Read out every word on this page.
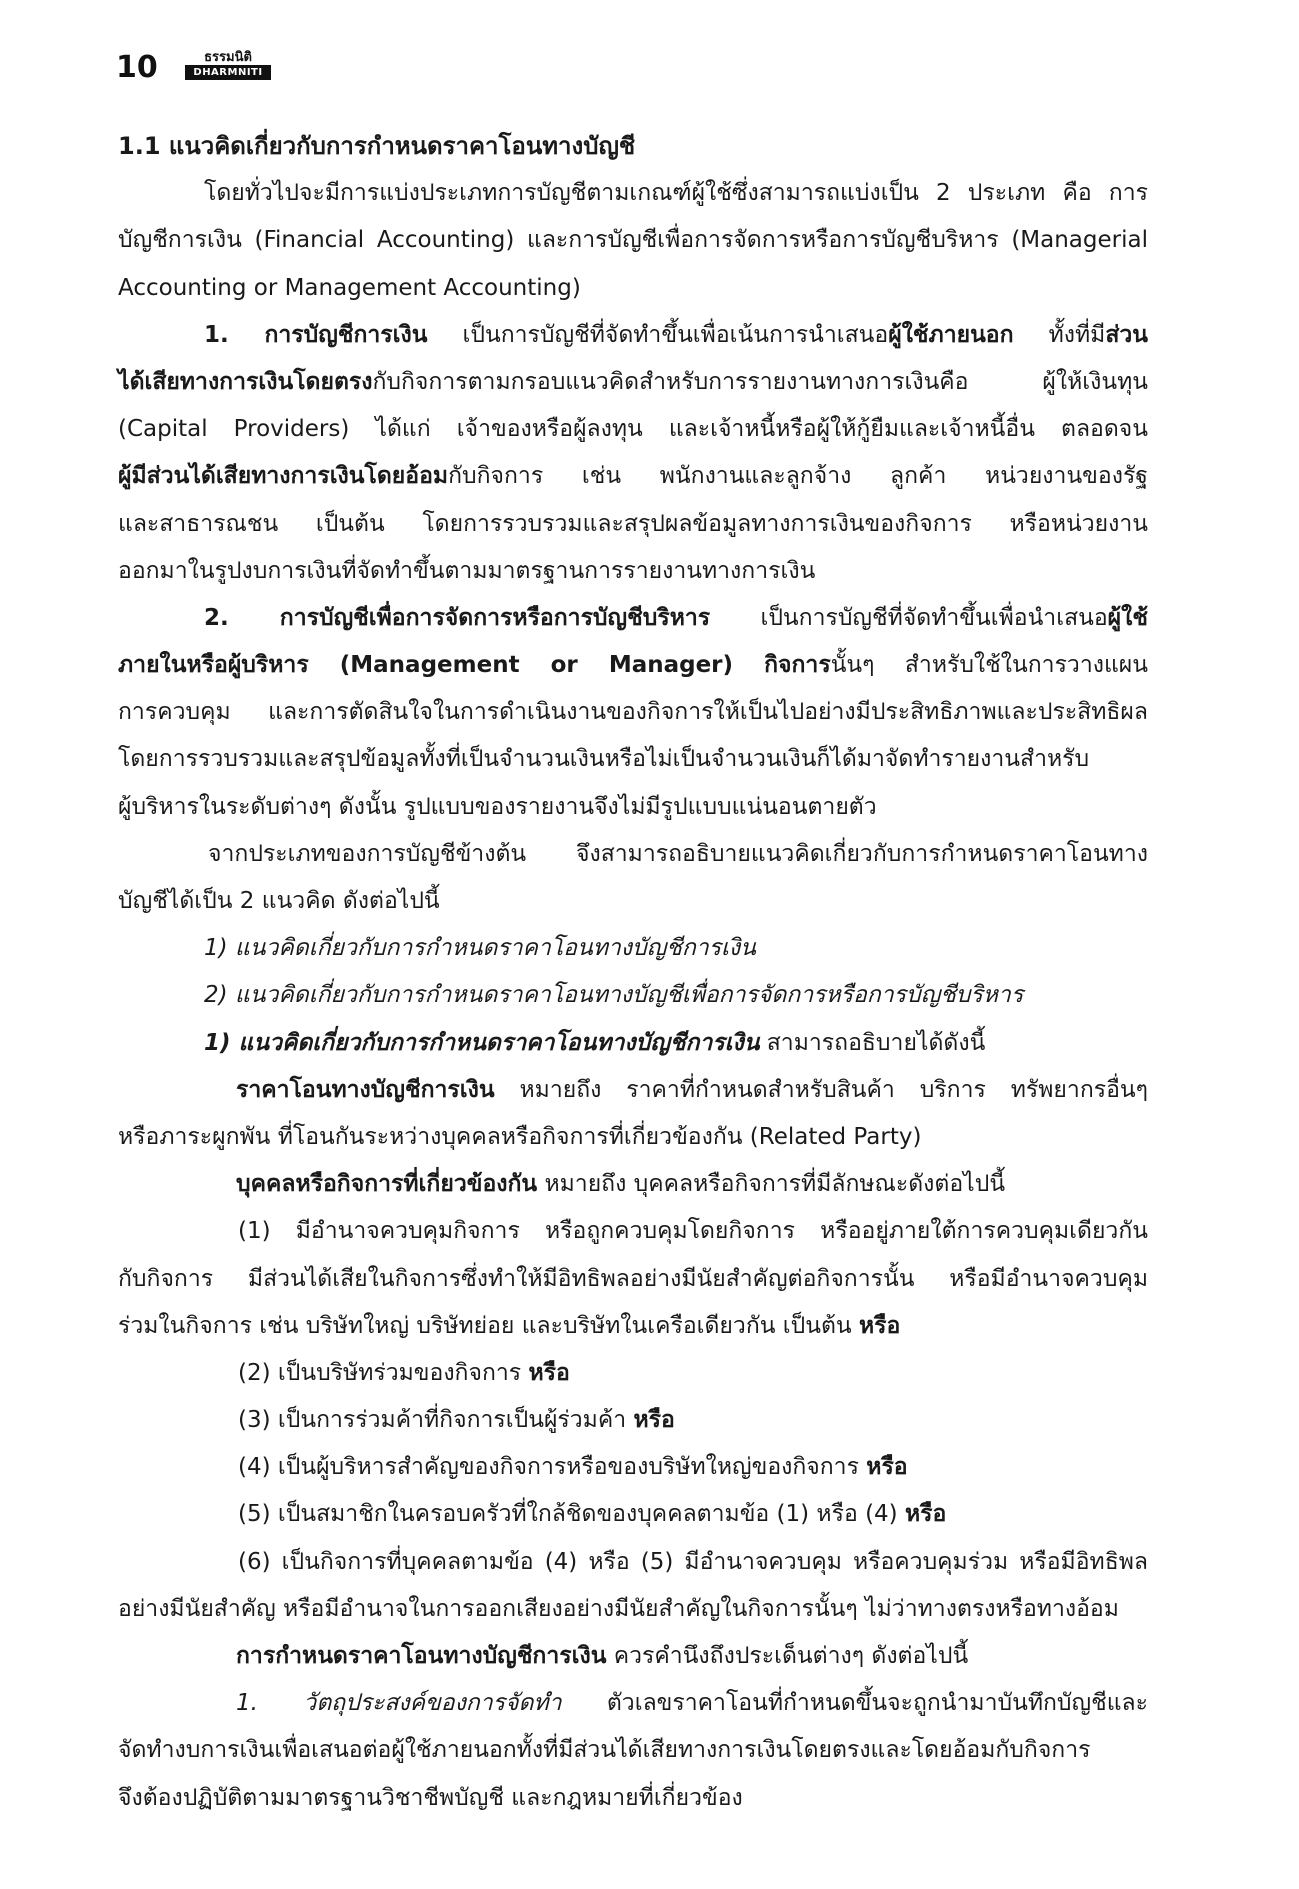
10	ธรรมนิติ
DHARMNITI
1.1 แนวคิดเกี่ยวกับการกำหนดราคาโอนทางบัญชี
โดยทั่วไปจะมีการแบ่งประเภทการบัญชีตามเกณฑ์ผู้ใช้ซึ่งสามารถแบ่งเป็น 2 ประเภท คือ การ
บัญชีการเงิน (Financial Accounting) และการบัญชีเพื่อการจัดการหรือการบัญชีบริหาร (Managerial
Accounting or Management Accounting)
1. การบัญชีการเงิน เป็นการบัญชีที่จัดทำขึ้นเพื่อเน้นการนำเสนอผู้ใช้ภายนอก ทั้งที่มีส่วน
ได้เสียทางการเงินโดยตรงกับกิจการตามกรอบแนวคิดสำหรับการรายงานทางการเงินคือ ผู้ให้เงินทุน
(Capital Providers) ได้แก่ เจ้าของหรือผู้ลงทุน และเจ้าหนี้หรือผู้ให้กู้ยืมและเจ้าหนี้อื่น ตลอดจน
ผู้มีส่วนได้เสียทางการเงินโดยอ้อมกับกิจการ เช่น พนักงานและลูกจ้าง ลูกค้า หน่วยงานของรัฐ
และสาธารณชน เป็นต้น โดยการรวบรวมและสรุปผลข้อมูลทางการเงินของกิจการ หรือหน่วยงาน
ออกมาในรูปงบการเงินที่จัดทำขึ้นตามมาตรฐานการรายงานทางการเงิน
2. การบัญชีเพื่อการจัดการหรือการบัญชีบริหาร เป็นการบัญชีที่จัดทำขึ้นเพื่อนำเสนอผู้ใช้
ภายในหรือผู้บริหาร (Management or Manager) กิจการนั้นๆ สำหรับใช้ในการวางแผน
การควบคุม และการตัดสินใจในการดำเนินงานของกิจการให้เป็นไปอย่างมีประสิทธิภาพและประสิทธิผล
โดยการรวบรวมและสรุปข้อมูลทั้งที่เป็นจำนวนเงินหรือไม่เป็นจำนวนเงินก็ได้มาจัดทำรายงานสำหรับ
ผู้บริหารในระดับต่างๆ ดังนั้น รูปแบบของรายงานจึงไม่มีรูปแบบแน่นอนตายตัว
จากประเภทของการบัญชีข้างต้น จึงสามารถอธิบายแนวคิดเกี่ยวกับการกำหนดราคาโอนทาง
บัญชีได้เป็น 2 แนวคิด ดังต่อไปนี้
1) แนวคิดเกี่ยวกับการกำหนดราคาโอนทางบัญชีการเงิน
2) แนวคิดเกี่ยวกับการกำหนดราคาโอนทางบัญชีเพื่อการจัดการหรือการบัญชีบริหาร
1) แนวคิดเกี่ยวกับการกำหนดราคาโอนทางบัญชีการเงิน สามารถอธิบายได้ดังนี้
ราคาโอนทางบัญชีการเงิน หมายถึง ราคาที่กำหนดสำหรับสินค้า บริการ ทรัพยากรอื่นๆ
หรือภาระผูกพัน ที่โอนกันระหว่างบุคคลหรือกิจการที่เกี่ยวข้องกัน (Related Party)
บุคคลหรือกิจการที่เกี่ยวข้องกัน หมายถึง บุคคลหรือกิจการที่มีลักษณะดังต่อไปนี้
(1) มีอำนาจควบคุมกิจการ หรือถูกควบคุมโดยกิจการ หรืออยู่ภายใต้การควบคุมเดียวกัน
กับกิจการ มีส่วนได้เสียในกิจการซึ่งทำให้มีอิทธิพลอย่างมีนัยสำคัญต่อกิจการนั้น หรือมีอำนาจควบคุม
ร่วมในกิจการ เช่น บริษัทใหญ่ บริษัทย่อย และบริษัทในเครือเดียวกัน เป็นต้น หรือ
(2) เป็นบริษัทร่วมของกิจการ หรือ
(3) เป็นการร่วมค้าที่กิจการเป็นผู้ร่วมค้า หรือ
(4) เป็นผู้บริหารสำคัญของกิจการหรือของบริษัทใหญ่ของกิจการ หรือ
(5) เป็นสมาชิกในครอบครัวที่ใกล้ชิดของบุคคลตามข้อ (1) หรือ (4) หรือ
(6) เป็นกิจการที่บุคคลตามข้อ (4) หรือ (5) มีอำนาจควบคุม หรือควบคุมร่วม หรือมีอิทธิพล
อย่างมีนัยสำคัญ หรือมีอำนาจในการออกเสียงอย่างมีนัยสำคัญในกิจการนั้นๆ ไม่ว่าทางตรงหรือทางอ้อม
การกำหนดราคาโอนทางบัญชีการเงิน ควรคำนึงถึงประเด็นต่างๆ ดังต่อไปนี้
1. วัตถุประสงค์ของการจัดทำ ตัวเลขราคาโอนที่กำหนดขึ้นจะถูกนำมาบันทึกบัญชีและ
จัดทำงบการเงินเพื่อเสนอต่อผู้ใช้ภายนอกทั้งที่มีส่วนได้เสียทางการเงินโดยตรงและโดยอ้อมกับกิจการ
จึงต้องปฏิบัติตามมาตรฐานวิชาชีพบัญชี และกฎหมายที่เกี่ยวข้อง
